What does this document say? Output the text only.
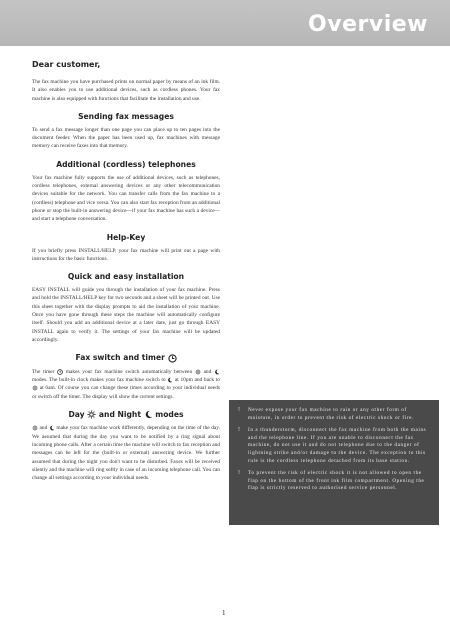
Overview
Dear customer,

The fax machine you have purchased prints on normal paper by means of an ink film. It also enables you to use additional devices, such as cordless phones. Your fax machine is also equipped with functions that facilitate the installation and use.

Sending fax messages

To send a fax message longer than one page you can place up to ten pages into the document feeder. When the paper has been used up, fax machines with message memory can receive faxes into that memory.

Additional (cordless) telephones

Your fax machine fully supports the use of additional devices, such as telephones, cordless telephones, external answering devices or any other telecommunication devices suitable for the network. You can transfer calls from the fax machine to a (cordless) telephone and vice versa. You can also start fax reception from an additional phone or stop the built-in answering device—if your fax machine has such a device—and start a telephone conversation.

Help-Key

If you briefly press INSTALL/HELP, your fax machine will print out a page with instructions for the basic functions.

Quick and easy installation

EASY INSTALL will guide you through the installation of your fax machine. Press and hold the INSTALL/HELP key for two seconds and a sheet will be printed out. Use this sheet together with the display prompts to aid the installation of your machine. Once you have gone through these steps the machine will automatically configure itself. Should you add an additional device at a later date, just go through EASY INSTALL again to verify it. The settings of your fax machine will be updated accordingly.

Fax switch and timer

The timer
makes your fax machine switch automatically between
and
modes. The built-in clock makes your fax machine switch to
at 10pm and back to
at 6am. Of course you can change these times according to your individual needs or switch off the timer. The display will show the current settings.

Day and Night modes

and
make your fax machine work differently, depending on the time of the day. We assumed that during the day you want to be notified by a ring signal about incoming phone calls. After a certain time the machine will switch to fax reception and messages can be left for the (built-in or external) answering device. We further assumed that during the night you don't want to be disturbed. Faxes will be received silently and the machine will ring softly in case of an incoming telephone call. You can change all settings according to your individual needs.

!	Never expose your fax machine to rain or any other form of moisture, in order to prevent the risk of electric shock or fire.
!	In a thunderstorm, disconnect the fax machine from both the mains and the telephone line. If you are unable to disconnect the fax machine, do not use it and do not telephone due to the danger of lightning strike and/or damage to the device. The exception to this rule is the cordless telephone detached from its base station.
!	To prevent the risk of electric shock it is not allowed to open the flap on the bottom of the front ink film compartment. Opening the flap is strictly reserved to authorised service personnel.
1
